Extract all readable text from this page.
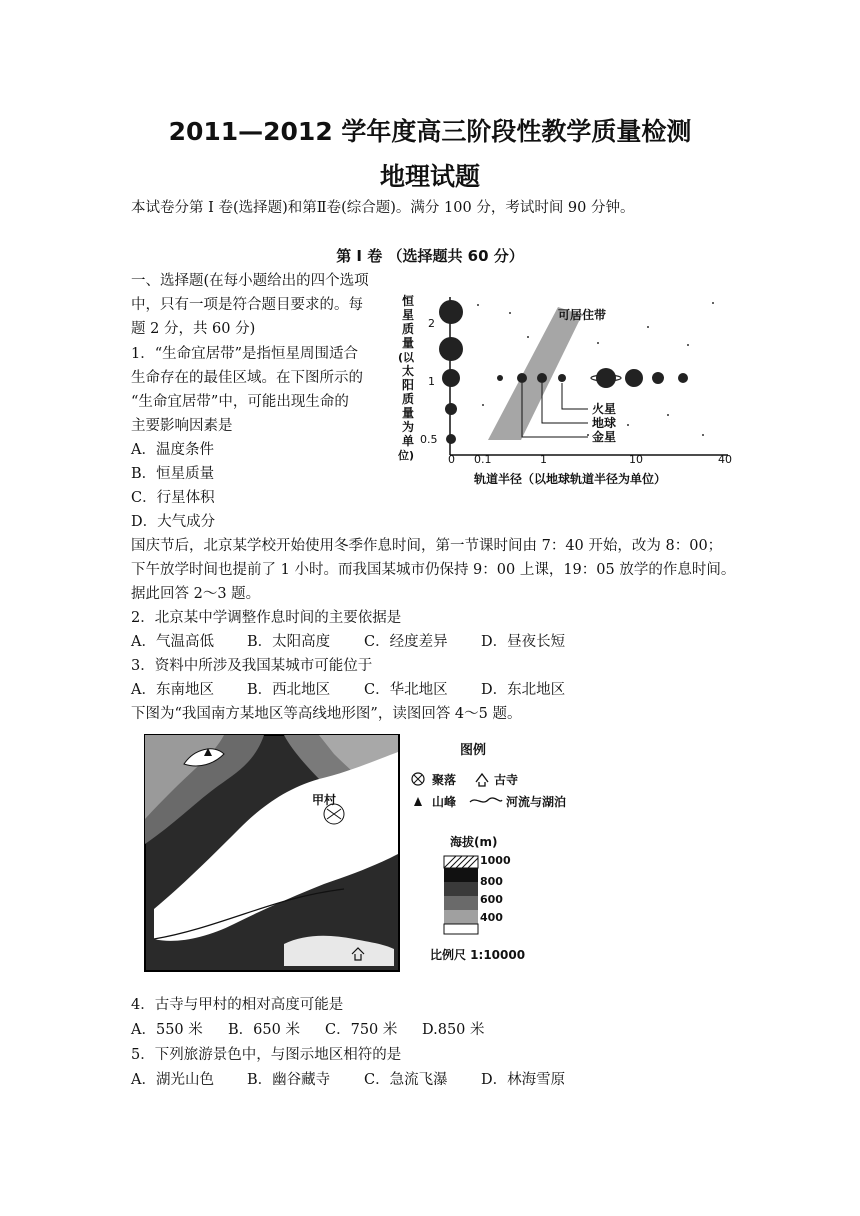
2011—2012 学年度高三阶段性教学质量检测
地理试题
本试卷分第 I 卷(选择题)和第Ⅱ卷(综合题)。满分 100 分，考试时间 90 分钟。
第 I 卷 （选择题共 60 分）
一、选择题(在每小题给出的四个选项
中，只有一项是符合题目要求的。每
题 2 分，共 60 分)
1．“生命宜居带”是指恒星周围适合
生命存在的最佳区域。在下图所示的
“生命宜居带”中，可能出现生命的
主要影响因素是
A．温度条件
B．恒星质量
C．行星体积
D．大气成分
恒
星
质
量
(以
太
阳
质
量
为
单
位)
2
1
0.5
0 0.1	1	10	40
轨道半径（以地球轨道半径为单位）
可居住带
火星
地球
金星
国庆节后，北京某学校开始使用冬季作息时间，第一节课时间由 7：40 开始，改为 8：00；
下午放学时间也提前了 1 小时。而我国某城市仍保持 9：00 上课，19：05 放学的作息时间。
据此回答 2～3 题。
2．北京某中学调整作息时间的主要依据是
A．气温高低 B．太阳高度 C．经度差异 D．昼夜长短
3．资料中所涉及我国某城市可能位于
A．东南地区 B．西北地区 C．华北地区 D．东北地区
下图为“我国南方某地区等高线地形图”，读图回答 4～5 题。
甲村
图例
聚落	古寺
山峰	河流与湖泊
海拔(m)
1000
800
600
400
比例尺 1:10000
4．古寺与甲村的相对高度可能是
A．550 米 B．650 米 C．750 米 D.850 米
5．下列旅游景色中，与图示地区相符的是
A．湖光山色 B．幽谷藏寺 C．急流飞瀑 D．林海雪原
